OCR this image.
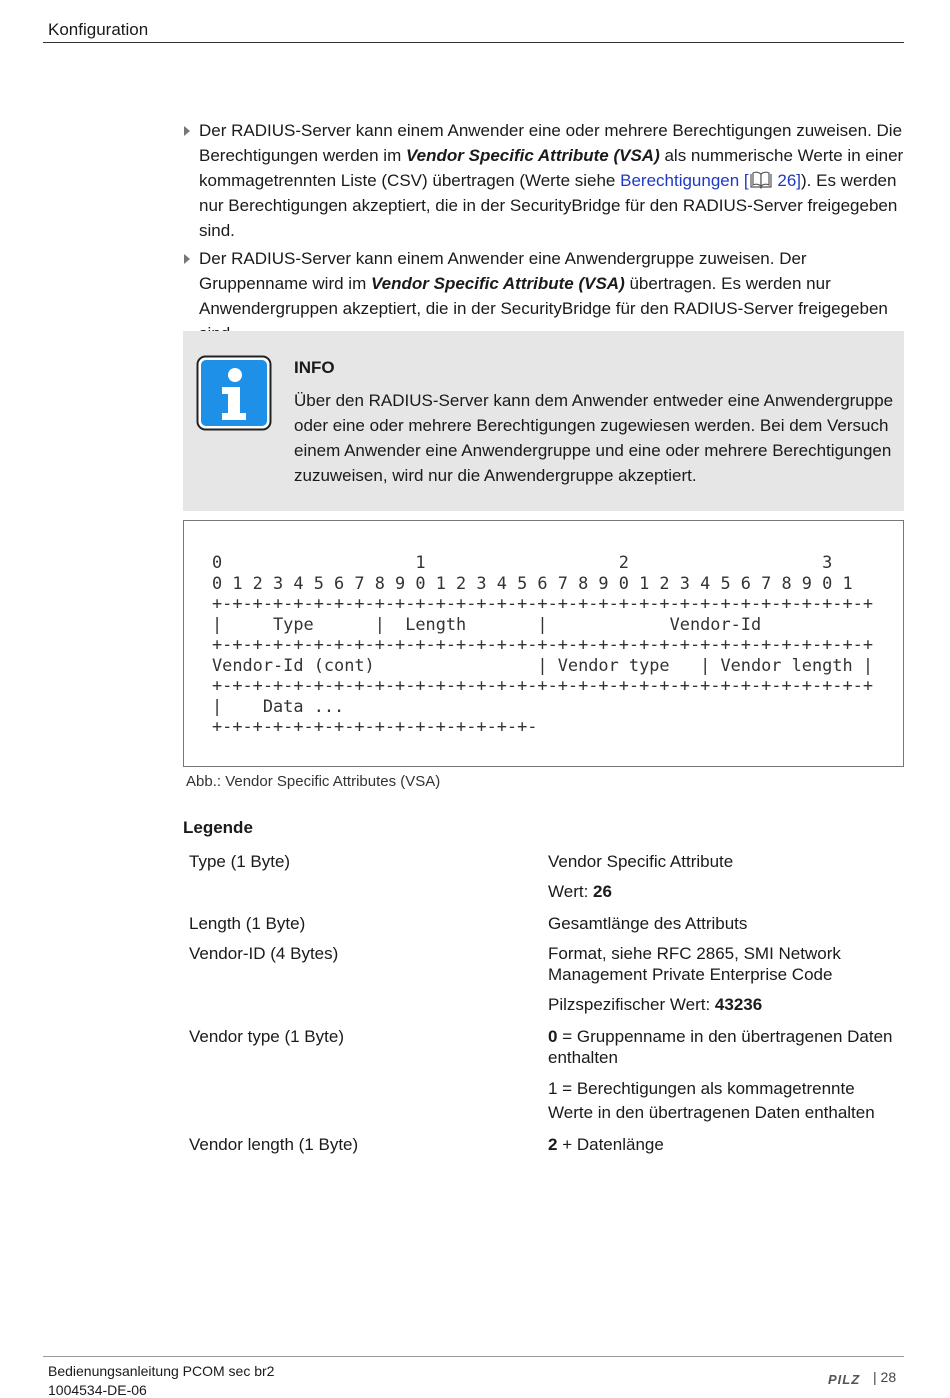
Konfiguration
Der RADIUS-Server kann einem Anwender eine oder mehrere Berechtigungen zuweisen. Die Berechtigungen werden im Vendor Specific Attribute (VSA) als nummerische Werte in einer kommagetrennten Liste (CSV) übertragen (Werte siehe Berechtigungen [ 26]). Es werden nur Berechtigungen akzeptiert, die in der SecurityBridge für den RADIUS-Server freigegeben sind.
Der RADIUS-Server kann einem Anwender eine Anwendergruppe zuweisen. Der Gruppenname wird im Vendor Specific Attribute (VSA) übertragen. Es werden nur Anwendergruppen akzeptiert, die in der SecurityBridge für den RADIUS-Server freigegeben
INFO
Über den RADIUS-Server kann dem Anwender entweder eine Anwendergruppe oder eine oder mehrere Berechtigungen zugewiesen werden. Bei dem Versuch einem Anwender eine Anwendergruppe und eine oder mehrere Berechtigungen zuzuweisen, wird nur die Anwendergruppe akzeptiert.
0                   1                   2                   3
0 1 2 3 4 5 6 7 8 9 0 1 2 3 4 5 6 7 8 9 0 1 2 3 4 5 6 7 8 9 0 1
+-+-+-+-+-+-+-+-+-+-+-+-+-+-+-+-+-+-+-+-+-+-+-+-+-+-+-+-+-+-+-+-+
|     Type      |  Length       |            Vendor-Id
+-+-+-+-+-+-+-+-+-+-+-+-+-+-+-+-+-+-+-+-+-+-+-+-+-+-+-+-+-+-+-+-+
Vendor-Id (cont)                | Vendor type   | Vendor length |
+-+-+-+-+-+-+-+-+-+-+-+-+-+-+-+-+-+-+-+-+-+-+-+-+-+-+-+-+-+-+-+-+
|    Data ...
+-+-+-+-+-+-+-+-+-+-+-+-+-+-+-+-
Abb.: Vendor Specific Attributes (VSA)
Legende
Type (1 Byte)	Vendor Specific Attribute
Wert: 26
Length (1 Byte)	Gesamtlänge des Attributs
Vendor-ID (4 Bytes)	Format, siehe RFC 2865, SMI Network Management Private Enterprise Code
Pilzspezifischer Wert: 43236
Vendor type (1 Byte)	0 = Gruppenname in den übertragenen Daten enthalten
1 = Berechtigungen als kommagetrennte Werte in den übertragenen Daten enthalten
Vendor length (1 Byte)	2 + Datenlänge
Bedienungsanleitung PCOM sec br2
1004534-DE-06
PILZ | 28
